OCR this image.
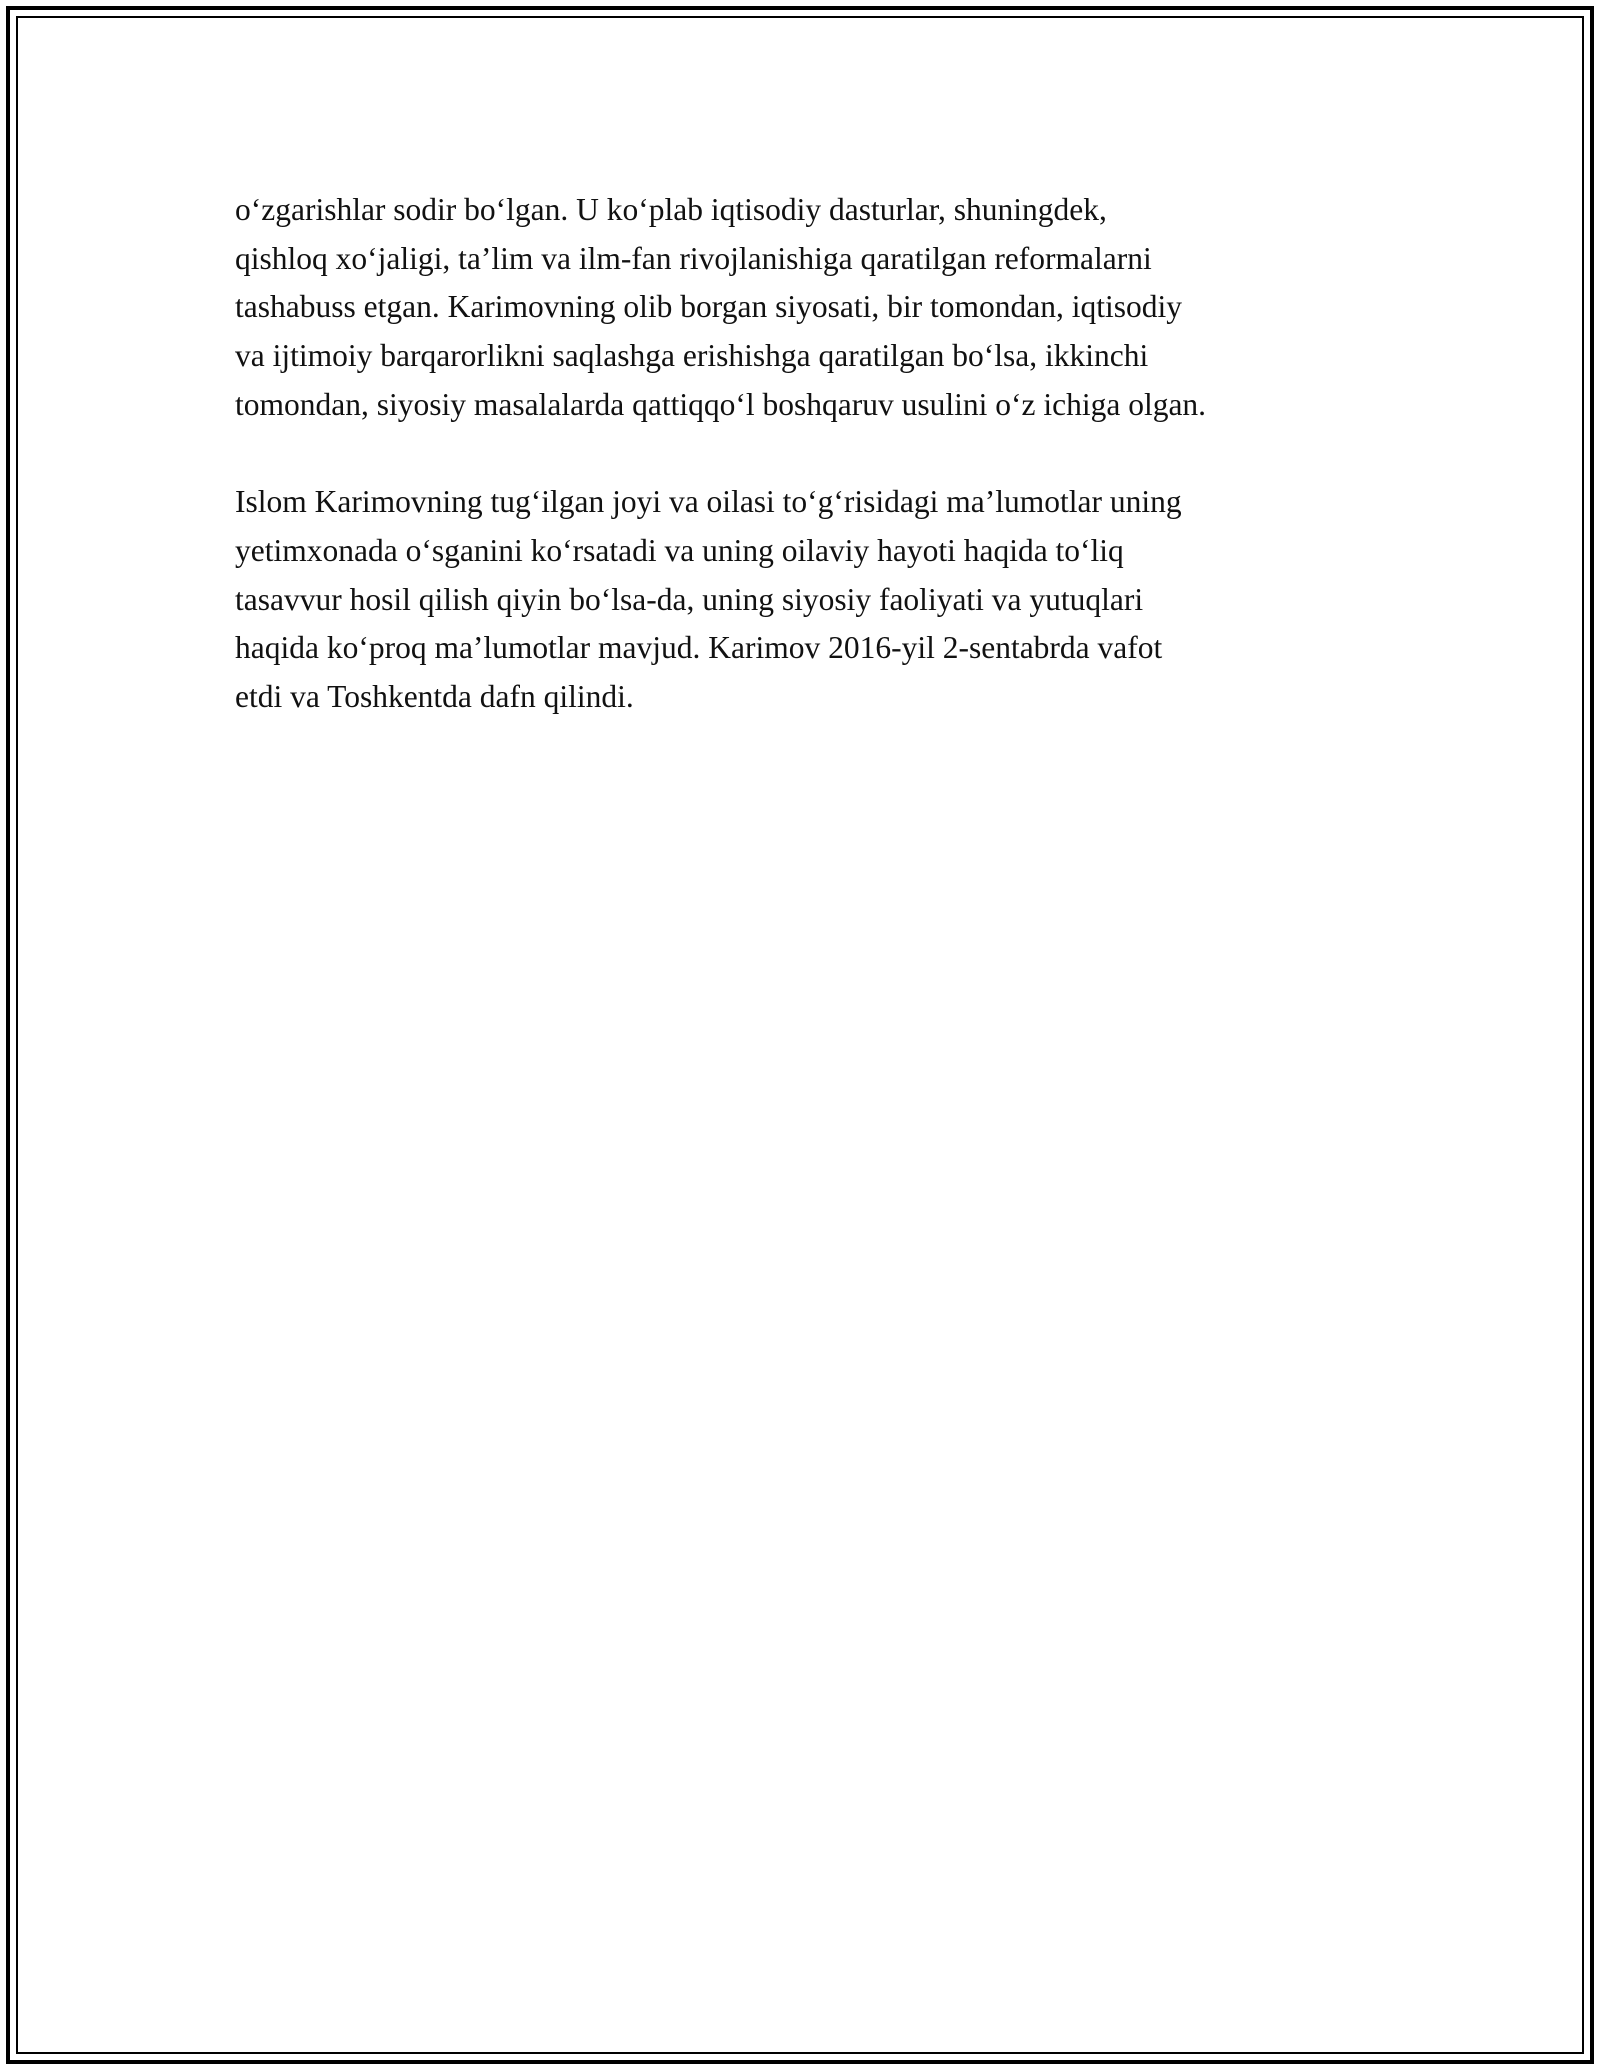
o‘zgarishlar sodir bo‘lgan. U ko‘plab iqtisodiy dasturlar, shuningdek,
qishloq xo‘jaligi, ta’lim va ilm-fan rivojlanishiga qaratilgan reformalarni
tashabuss etgan. Karimovning olib borgan siyosati, bir tomondan, iqtisodiy
va ijtimoiy barqarorlikni saqlashga erishishga qaratilgan bo‘lsa, ikkinchi
tomondan, siyosiy masalalarda qattiqqo‘l boshqaruv usulini o‘z ichiga olgan.

Islom Karimovning tug‘ilgan joyi va oilasi to‘g‘risidagi ma’lumotlar uning
yetimxonada o‘sganini ko‘rsatadi va uning oilaviy hayoti haqida to‘liq
tasavvur hosil qilish qiyin bo‘lsa-da, uning siyosiy faoliyati va yutuqlari
haqida ko‘proq ma’lumotlar mavjud. Karimov 2016-yil 2-sentabrda vafot
etdi va Toshkentda dafn qilindi.
